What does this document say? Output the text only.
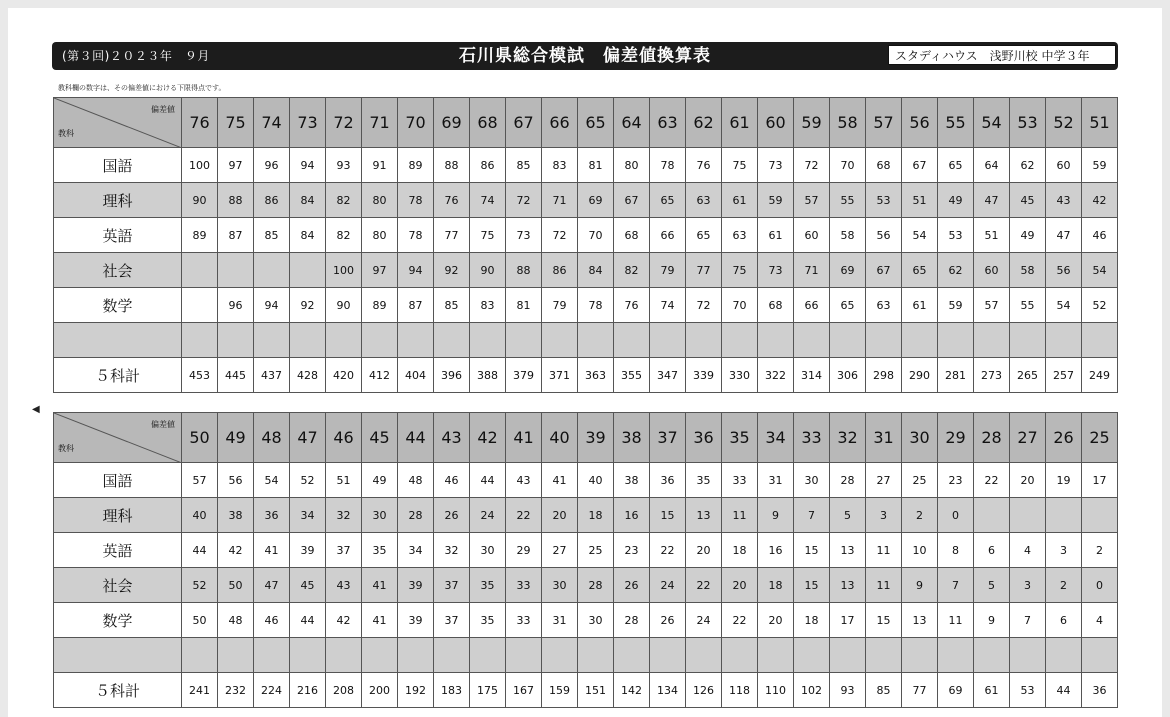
(第３回)２０２３年　９月	石川県総合模試　偏差値換算表	スタディハウス　浅野川校 中学３年
教科欄の数字は、その偏差値における下限得点です。
◀
偏差値
教科	76	75	74	73	72	71	70	69	68	67	66	65	64	63	62	61	60	59	58	57	56	55	54	53	52	51
国語	100	97	96	94	93	91	89	88	86	85	83	81	80	78	76	75	73	72	70	68	67	65	64	62	60	59
理科	90	88	86	84	82	80	78	76	74	72	71	69	67	65	63	61	59	57	55	53	51	49	47	45	43	42
英語	89	87	85	84	82	80	78	77	75	73	72	70	68	66	65	63	61	60	58	56	54	53	51	49	47	46
社会					100	97	94	92	90	88	86	84	82	79	77	75	73	71	69	67	65	62	60	58	56	54
数学		96	94	92	90	89	87	85	83	81	79	78	76	74	72	70	68	66	65	63	61	59	57	55	54	52

５科計	453	445	437	428	420	412	404	396	388	379	371	363	355	347	339	330	322	314	306	298	290	281	273	265	257	249
偏差値
教科	50	49	48	47	46	45	44	43	42	41	40	39	38	37	36	35	34	33	32	31	30	29	28	27	26	25
国語	57	56	54	52	51	49	48	46	44	43	41	40	38	36	35	33	31	30	28	27	25	23	22	20	19	17
理科	40	38	36	34	32	30	28	26	24	22	20	18	16	15	13	11	9	7	5	3	2	0				
英語	44	42	41	39	37	35	34	32	30	29	27	25	23	22	20	18	16	15	13	11	10	8	6	4	3	2
社会	52	50	47	45	43	41	39	37	35	33	30	28	26	24	22	20	18	15	13	11	9	7	5	3	2	0
数学	50	48	46	44	42	41	39	37	35	33	31	30	28	26	24	22	20	18	17	15	13	11	9	7	6	4

５科計	241	232	224	216	208	200	192	183	175	167	159	151	142	134	126	118	110	102	93	85	77	69	61	53	44	36
